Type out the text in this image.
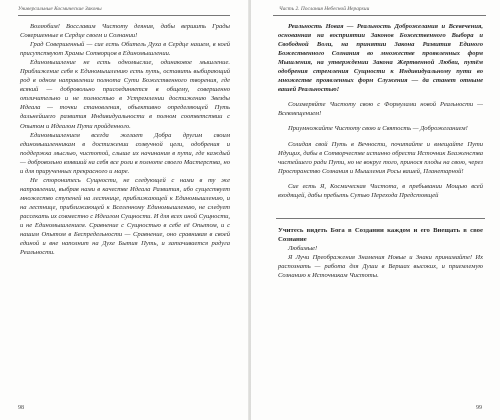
Универсальные Космические Законы

Возлюбим! Восславим Чистоту деяния, дабы вершить Грады Совершенные в Сердце своем и Сознании!

Град Совершенный — сие есть Обитель Духа в Сердце нашем, в коей присутствуют Храмы Сотворцов в Единомышлении.

Единомышление не есть одномыслие, одинаковое мышление. Приближение себя к Единомышлению есть путь, оставить выбирающий род в одном направлении полнота Сути Божественного творения, где всякий — добровольно присоединяется в общему, совершенно отличительно и не полностью в Устремлении достижению Звезды Идеала — точки становления, объективно определяющей Путь дальнейшего развития Индивидуальности в полном соответствии с Опытом и Идеалом Пути пройденного.

Единомышлением всегда желает Добра другим своим единомышленникам в достижении созвучной цели, одобрения и поддержка мыслью, чистотой, слыше их начинания в пути, где каждый — добровольно взявший на себя все роли в полноте своего Мастерства, но и для прирученных прекрасного и маре.

Не сторонитесь Сущности, не следующей с нами в ту же направлении, выбрав нами в качестве Идеала Развития, ибо существует множество ступеней на лестнице, приближающей к Единомышлению, и на лестнице, приближающей к Вселенному Единомышлению, не следует рассекать их совместно с Идеалом Сущности. И для всех иной Сущности, и не Единомышлением. Сравнение с Сущностью в себе её Опытом, и с нашим Опытом в Беспредельности — Сравнение, оно сравнивая в своей единой и вне наполнит на Духе Бытия Путь, и затачивается радуга Реальности.

98
Часть 2. Послания Небесной Иерархии

Реальность Новая — Реальность Доброжелания и Всевечения, основанная на восприятии Законов Божественного Выбора и Свободной Воли, на принятии Закона Развития Единого Божественного Сознания во множестве проявленных форм Мышления, на утверждении Закона Жертвенной Любви, путём одобрения стремления Сущности к Индивидуальному пути во множестве проявленных форм Служения — да станет отныне вашей Реальностью!

Соизмеряйте Чистоту свою с Формулами новой Реальности — Всевмещением!

Приумножайте Чистоту свою и Святость — Доброжеланием!

Солидая свой Путь в Вечности, почитайте и вмещайте Пути Идущих, дабы в Сотворчестве истинно обрести Источник Блаженства чистейшего ради Пути, но не вокруг того, принося плоды на свою, через Пространство Сознания и Мышления Росы вашей, Планетарной!

Сие есть Я, Космическая Чистота, в пребывании Мощью всей входящей, дабы пребыть Сутью Перехода Предстоящей

Учитесь видеть Бога в Создании каждом и его Внещать в свое Сознание

Любимые!

Я Лучи Преображения Знамения Новые и Знаки принимайте! Их распознать — работа для Души в Вершах высоких, и приемлемую Сознанию к Источникам Чистоты.

99
